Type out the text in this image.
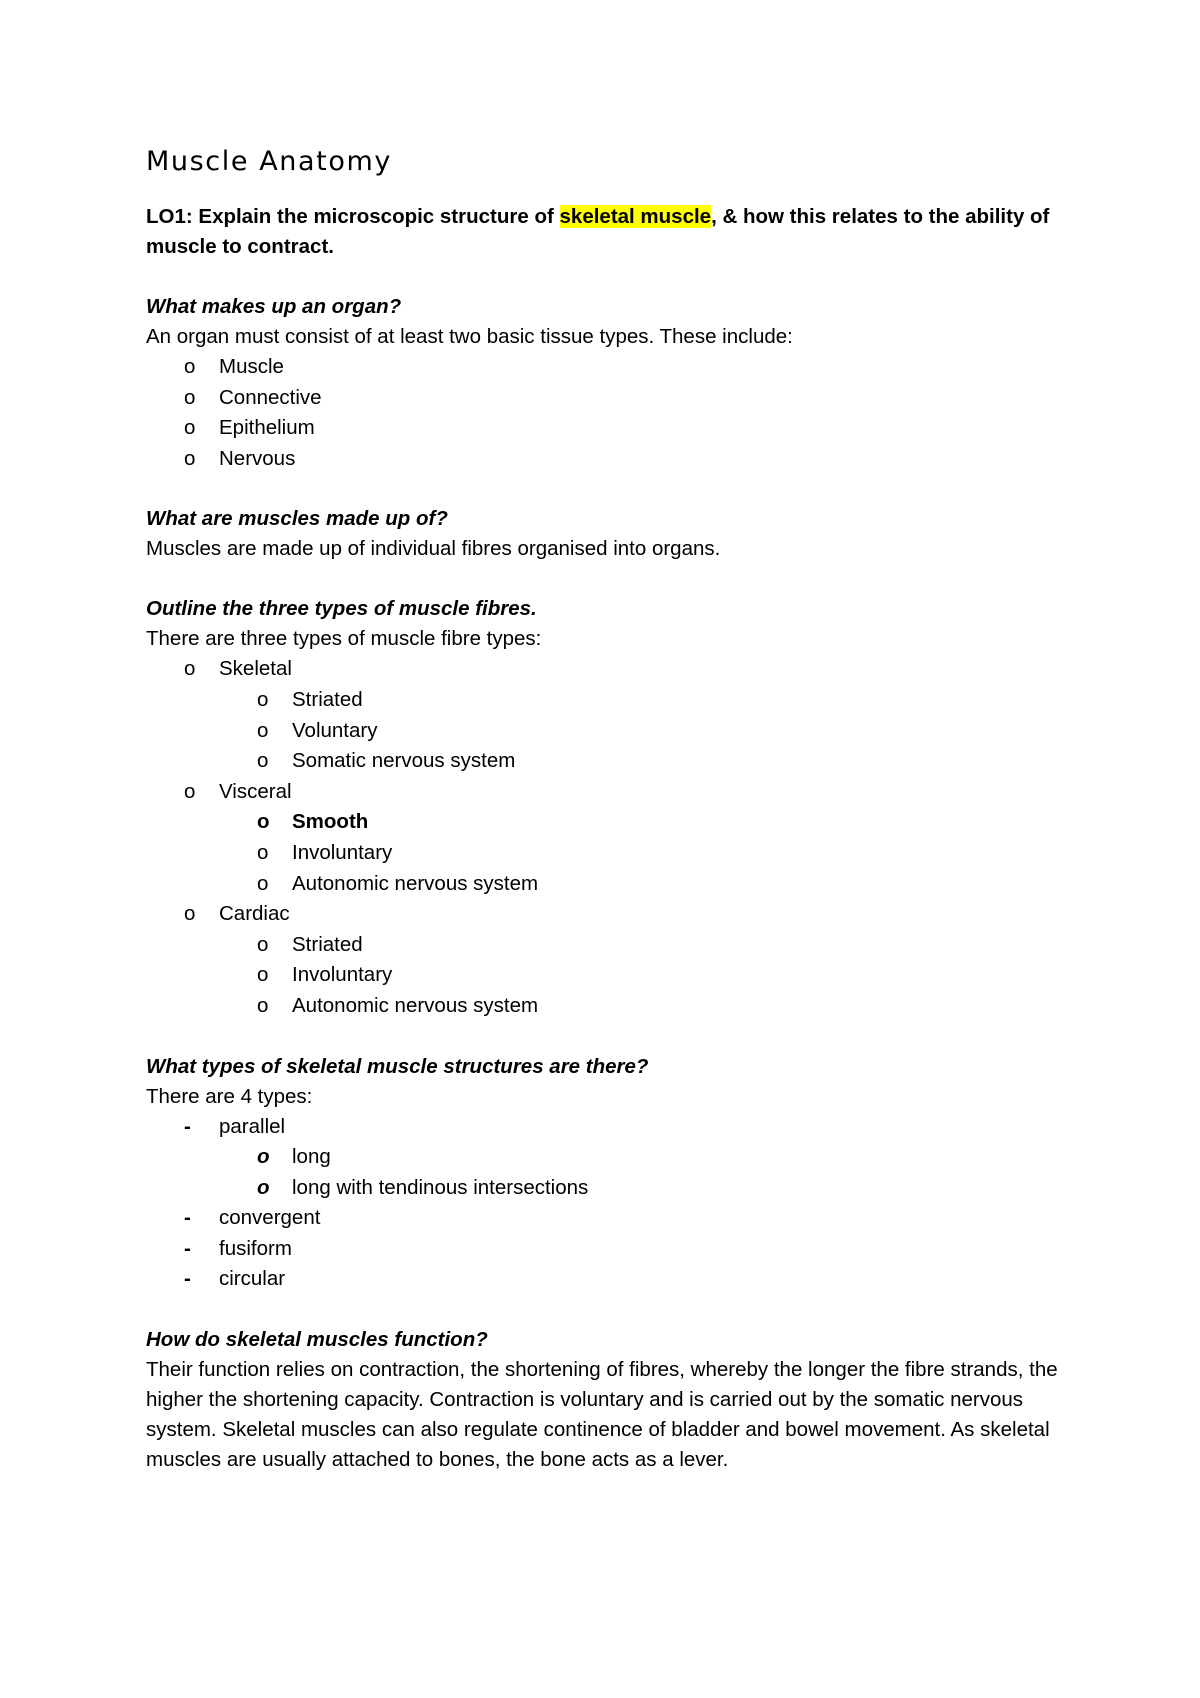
Muscle Anatomy

LO1: Explain the microscopic structure of skeletal muscle, & how this relates to the ability of muscle to contract.

What makes up an organ?

An organ must consist of at least two basic tissue types. These include:

o	Muscle
o	Connective
o	Epithelium
o	Nervous

What are muscles made up of?

Muscles are made up of individual fibres organised into organs.

Outline the three types of muscle fibres.

There are three types of muscle fibre types:

o	Skeletal
o	Striated
o	Voluntary
o	Somatic nervous system
o	Visceral
o	Smooth
o	Involuntary
o	Autonomic nervous system
o	Cardiac
o	Striated
o	Involuntary
o	Autonomic nervous system

What types of skeletal muscle structures are there?

There are 4 types:

-	parallel
o	long
o	long with tendinous intersections
-	convergent
-	fusiform
-	circular

How do skeletal muscles function?

Their function relies on contraction, the shortening of fibres, whereby the longer the fibre strands, the higher the shortening capacity. Contraction is voluntary and is carried out by the somatic nervous system. Skeletal muscles can also regulate continence of bladder and bowel movement. As skeletal muscles are usually attached to bones, the bone acts as a lever.
